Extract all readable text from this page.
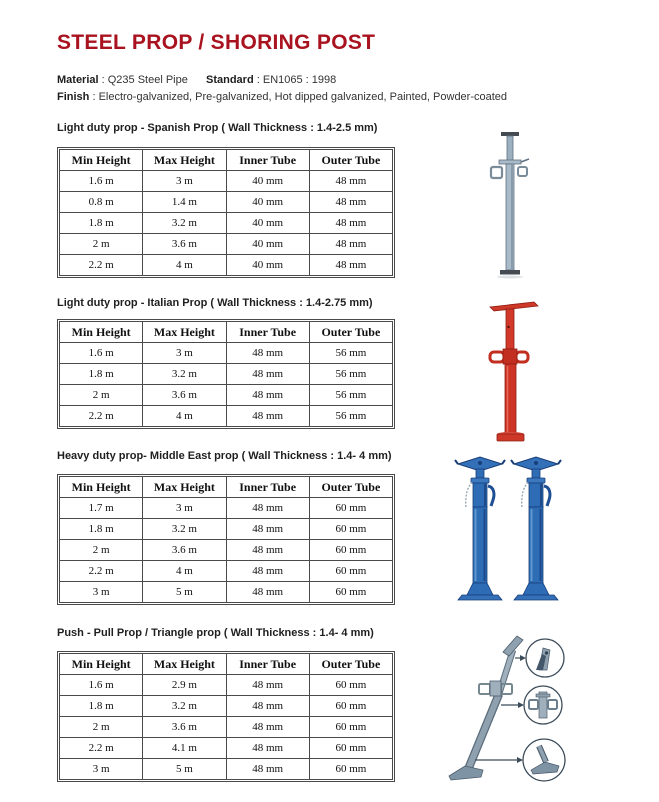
STEEL PROP / SHORING POST
Material : Q235 Steel Pipe Standard : EN1065 : 1998
Finish : Electro-galvanized, Pre-galvanized, Hot dipped galvanized, Painted, Powder-coated
Light duty prop - Spanish Prop ( Wall Thickness : 1.4-2.5 mm)
Min Height	Max Height	Inner Tube	Outer Tube
1.6 m	3 m	40 mm	48 mm
0.8 m	1.4 m	40 mm	48 mm
1.8 m	3.2 m	40 mm	48 mm
2 m	3.6 m	40 mm	48 mm
2.2 m	4 m	40 mm	48 mm
Light duty prop - Italian Prop ( Wall Thickness : 1.4-2.75 mm)
Min Height	Max Height	Inner Tube	Outer Tube
1.6 m	3 m	48 mm	56 mm
1.8 m	3.2 m	48 mm	56 mm
2 m	3.6 m	48 mm	56 mm
2.2 m	4 m	48 mm	56 mm
Heavy duty prop- Middle East prop ( Wall Thickness : 1.4- 4 mm)
Min Height	Max Height	Inner Tube	Outer Tube
1.7 m	3 m	48 mm	60 mm
1.8 m	3.2 m	48 mm	60 mm
2 m	3.6 m	48 mm	60 mm
2.2 m	4 m	48 mm	60 mm
3 m	5 m	48 mm	60 mm
Push - Pull Prop / Triangle prop ( Wall Thickness : 1.4- 4 mm)
Min Height	Max Height	Inner Tube	Outer Tube
1.6 m	2.9 m	48 mm	60 mm
1.8 m	3.2 m	48 mm	60 mm
2 m	3.6 m	48 mm	60 mm
2.2 m	4.1 m	48 mm	60 mm
3 m	5 m	48 mm	60 mm
